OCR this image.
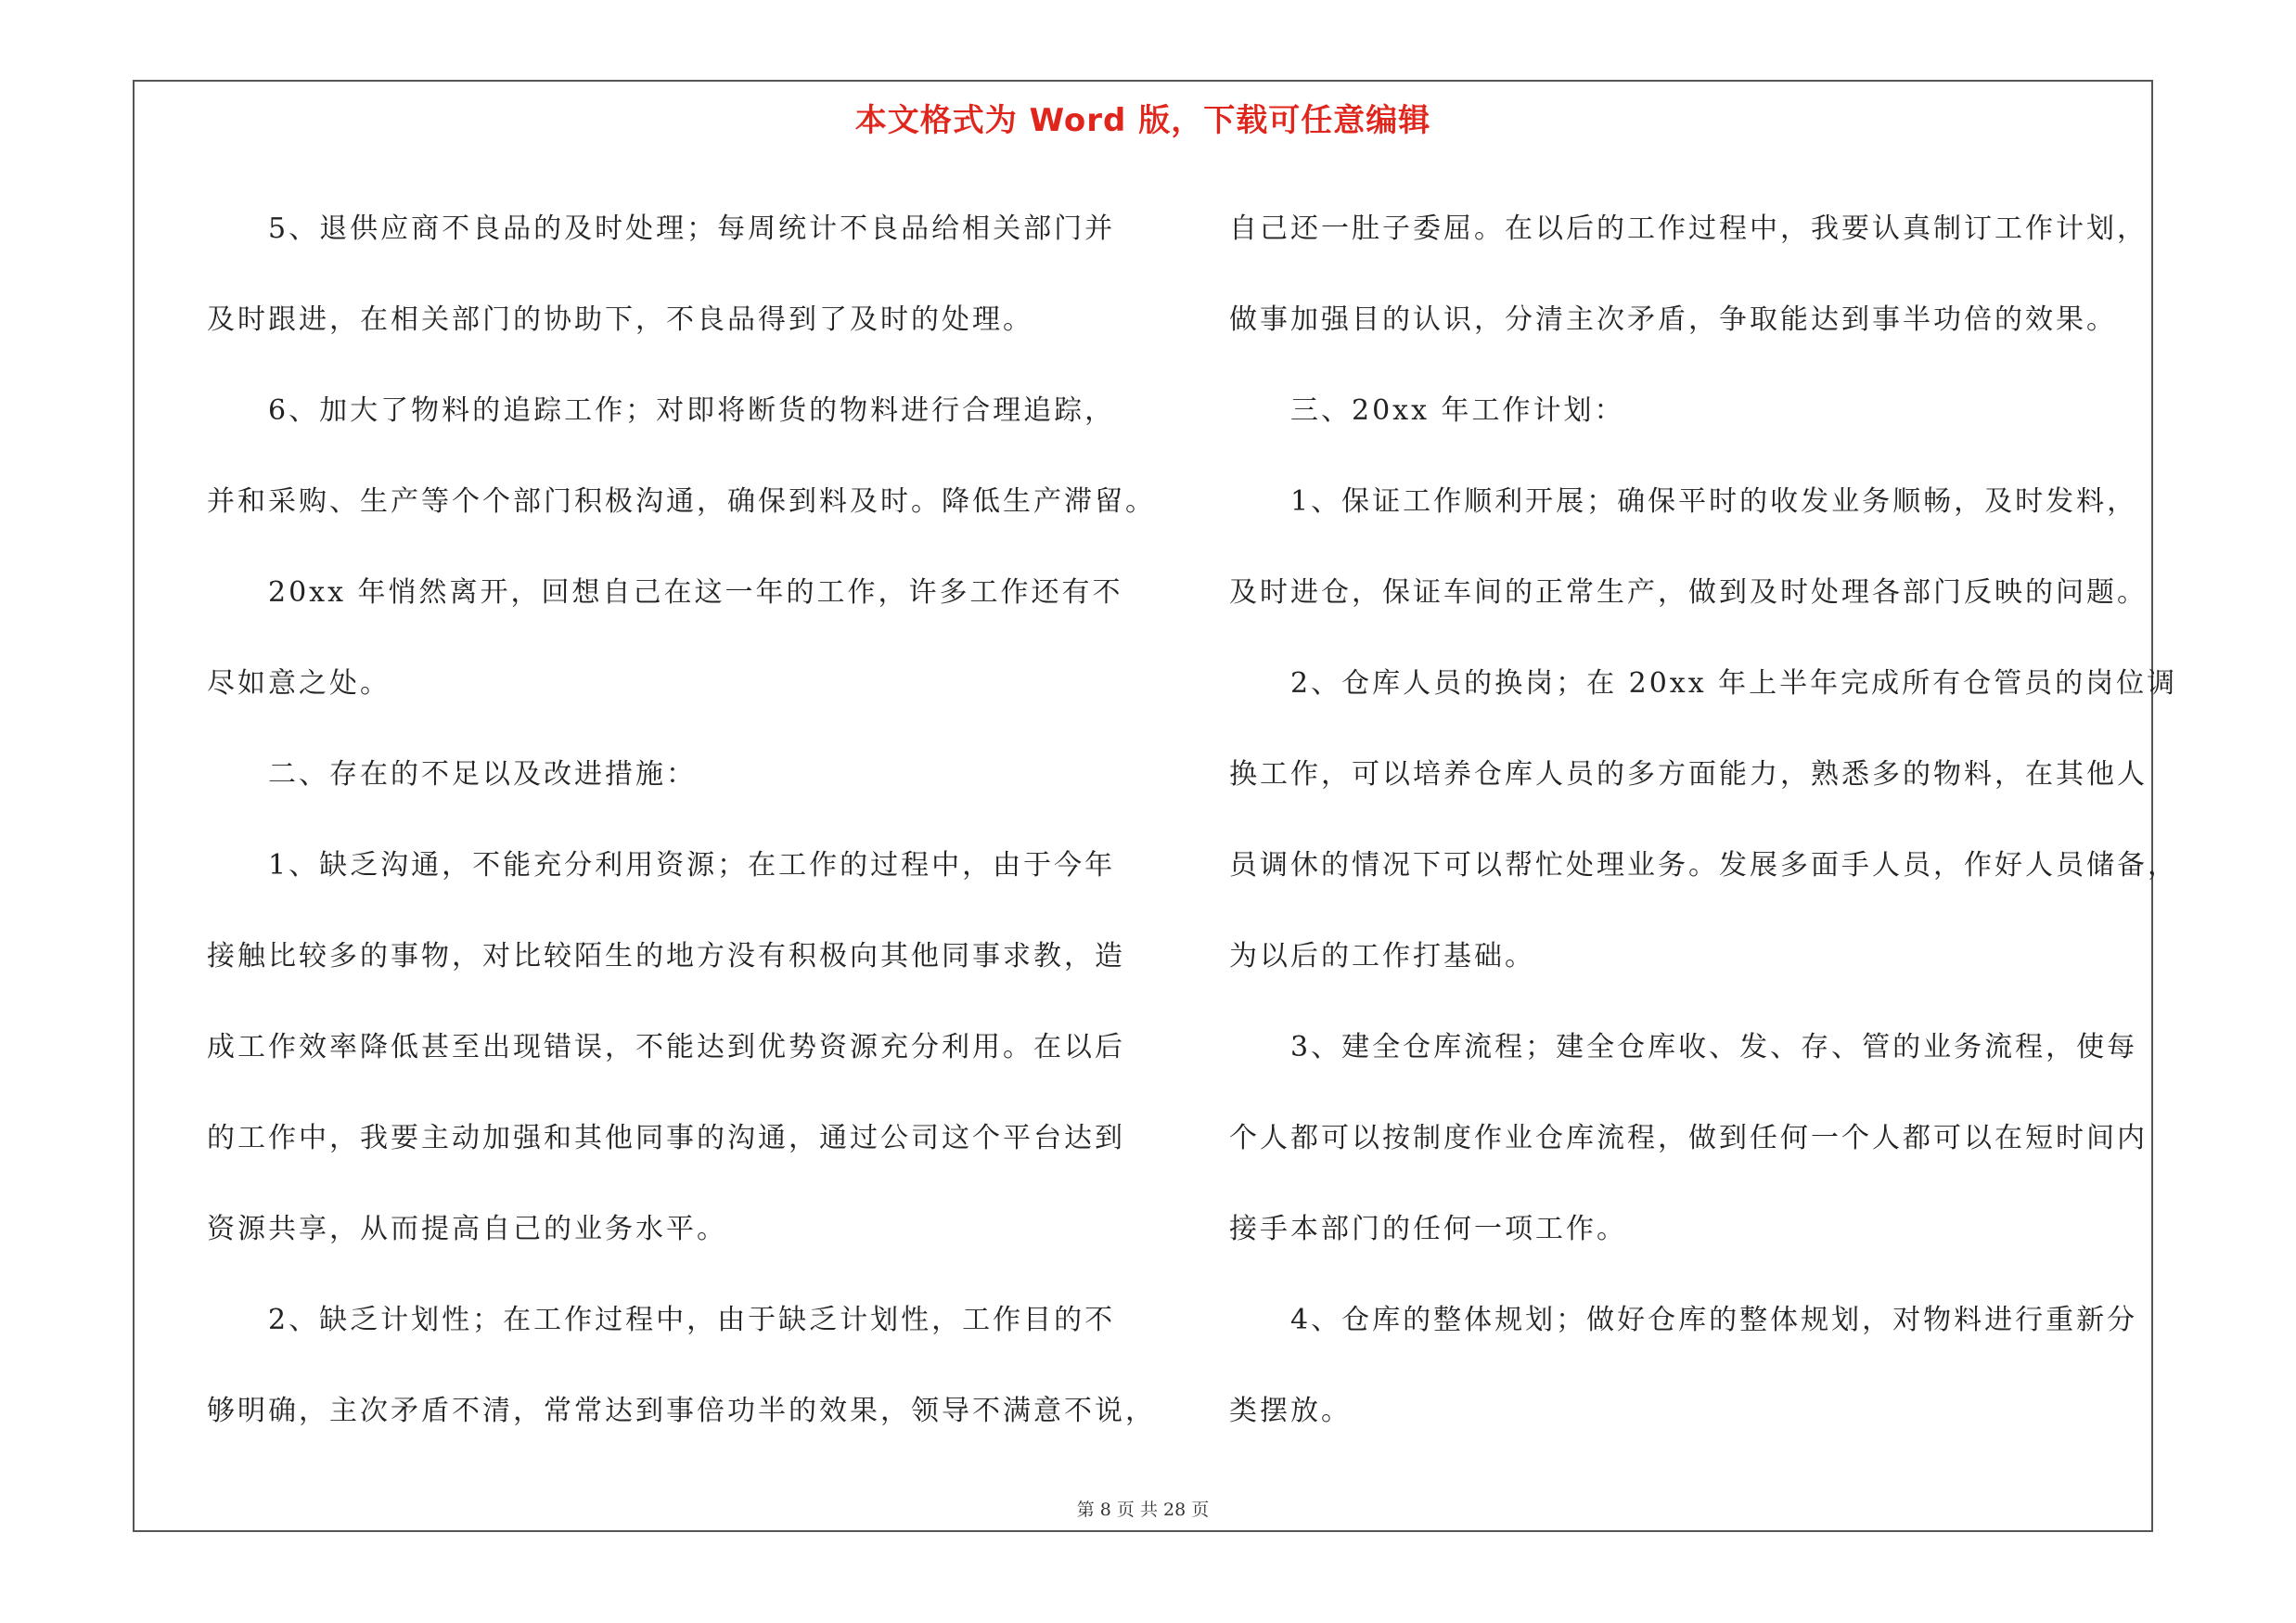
本文格式为 Word 版，下载可任意编辑
5、退供应商不良品的及时处理；每周统计不良品给相关部门并
及时跟进，在相关部门的协助下，不良品得到了及时的处理。
6、加大了物料的追踪工作；对即将断货的物料进行合理追踪，
并和采购、生产等个个部门积极沟通，确保到料及时。降低生产滞留。
20xx 年悄然离开，回想自己在这一年的工作，许多工作还有不
尽如意之处。
二、存在的不足以及改进措施：
1、缺乏沟通，不能充分利用资源；在工作的过程中，由于今年
接触比较多的事物，对比较陌生的地方没有积极向其他同事求教，造
成工作效率降低甚至出现错误，不能达到优势资源充分利用。在以后
的工作中，我要主动加强和其他同事的沟通，通过公司这个平台达到
资源共享，从而提高自己的业务水平。
2、缺乏计划性；在工作过程中，由于缺乏计划性，工作目的不
够明确，主次矛盾不清，常常达到事倍功半的效果，领导不满意不说，
自己还一肚子委屈。在以后的工作过程中，我要认真制订工作计划，
做事加强目的认识，分清主次矛盾，争取能达到事半功倍的效果。
三、20xx 年工作计划：
1、保证工作顺利开展；确保平时的收发业务顺畅，及时发料，
及时进仓，保证车间的正常生产，做到及时处理各部门反映的问题。
2、仓库人员的换岗；在 20xx 年上半年完成所有仓管员的岗位调
换工作，可以培养仓库人员的多方面能力，熟悉多的物料，在其他人
员调休的情况下可以帮忙处理业务。发展多面手人员，作好人员储备，
为以后的工作打基础。
3、建全仓库流程；建全仓库收、发、存、管的业务流程，使每
个人都可以按制度作业仓库流程，做到任何一个人都可以在短时间内
接手本部门的任何一项工作。
4、仓库的整体规划；做好仓库的整体规划，对物料进行重新分
类摆放。
第 8 页 共 28 页
